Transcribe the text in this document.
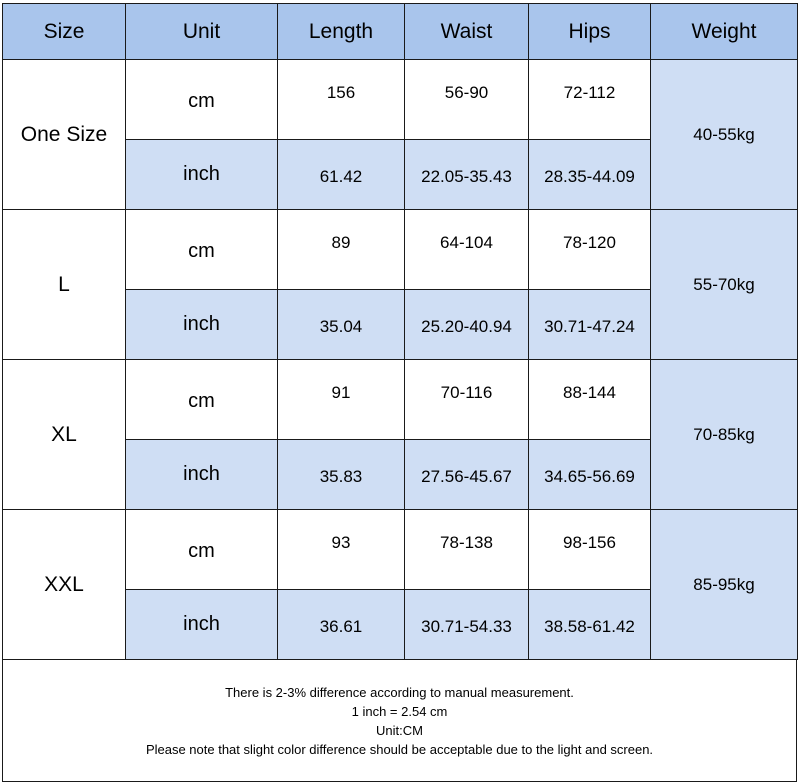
Size	Unit	Length	Waist	Hips	Weight
One Size	cm	156	56-90	72-112	40-55kg
	inch	61.42	22.05-35.43	28.35-44.09	
L	cm	89	64-104	78-120	55-70kg
	inch	35.04	25.20-40.94	30.71-47.24	
XL	cm	91	70-116	88-144	70-85kg
	inch	35.83	27.56-45.67	34.65-56.69	
XXL	cm	93	78-138	98-156	85-95kg
	inch	36.61	30.71-54.33	38.58-61.42	
There is 2-3% difference according to manual measurement.
1 inch = 2.54 cm
Unit:CM
Please note that slight color difference should be acceptable due to the light and screen.
